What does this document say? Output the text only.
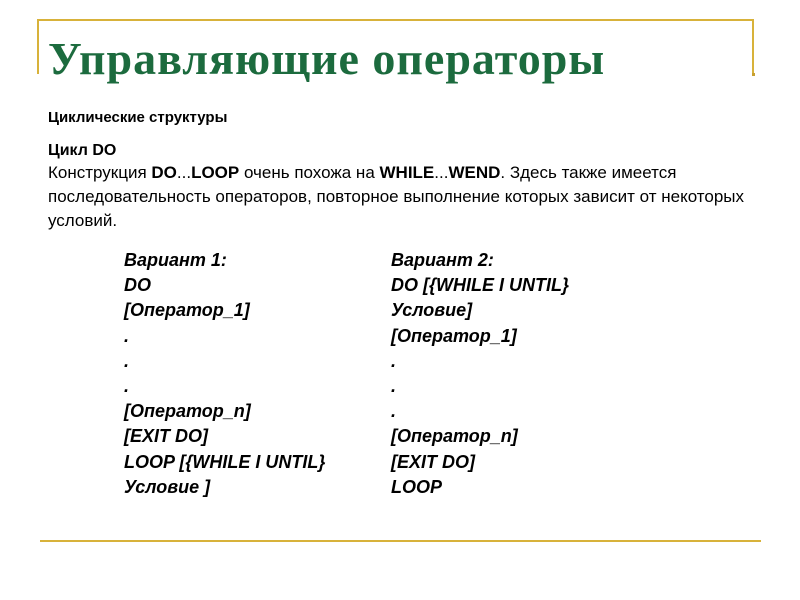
Управляющие операторы

Циклические структуры

Цикл DO

Конструкция DO...LOOP очень похожа на WHILE...WEND. Здесь также имеется последовательность операторов, повторное выполнение которых зависит от некоторых условий.

Вариант 1:
DO
[Оператор_1]
.
.
.
[Оператор_n]
[EXIT DO]
LOOP [{WHILE I UNTIL}
Условие ]
Вариант 2:
DO [{WHILE I UNTIL}
Условие]
[Оператор_1]
.
.
.
[Оператор_n]
[EXIT DO]
LOOP
